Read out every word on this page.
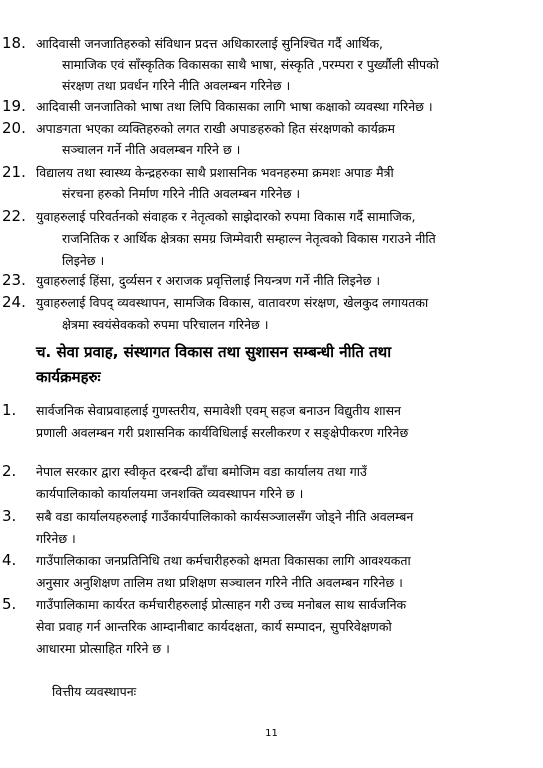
18. आदिवासी जनजातिहरुको संविधान प्रदत्त अधिकारलाई सुनिश्चित गर्दै आर्थिक,
सामाजिक एवं साँस्कृतिक विकासका साथै भाषा, संस्कृति ,परम्परा र पुर्ख्यौली सीपको
संरक्षण तथा प्रवर्धन गरिने नीति अवलम्बन गरिनेछ ।
19. आदिवासी जनजातिको भाषा तथा लिपि विकासका लागि भाषा कक्षाको व्यवस्था गरिनेछ ।
20. अपाङगता भएका व्यक्तिहरुको लगत राखी अपाङहरुको हित संरक्षणको कार्यक्रम
सञ्चालन गर्ने नीति अवलम्बन गरिने छ ।
21. विद्यालय तथा स्वास्थ्य केन्द्रहरुका साथै प्रशासनिक भवनहरुमा क्रमशः अपाङ मैत्री
संरचना हरुको निर्माण गरिने नीति अवलम्बन गरिनेछ ।
22. युवाहरुलाई परिवर्तनको संवाहक र नेतृत्वको साझेदारको रुपमा विकास गर्दै सामाजिक,
राजनितिक र आर्थिक क्षेत्रका समग्र जिम्मेवारी सम्हाल्न नेतृत्वको विकास गराउने नीति
लिइनेछ ।
23. युवाहरुलाई हिंसा, दुर्व्यसन र अराजक प्रवृत्तिलाई नियन्त्रण गर्ने नीति लिइनेछ ।
24. युवाहरुलाई विपद् व्यवस्थापन, सामजिक विकास, वातावरण संरक्षण, खेलकुद लगायतका
क्षेत्रमा स्वयंसेवकको रुपमा परिचालन गरिनेछ ।
च. सेवा प्रवाह, संस्थागत विकास तथा सुशासन सम्बन्धी नीति तथा
कार्यक्रमहरुः
1. सार्वजनिक सेवाप्रवाहलाई गुणस्तरीय, समावेशी एवम् सहज बनाउन विद्युतीय शासन
प्रणाली अवलम्बन गरी प्रशासनिक कार्यविधिलाई सरलीकरण र सङ्क्षेपीकरण गरिनेछ
2. नेपाल सरकार द्वारा स्वीकृत दरबन्दी ढाँचा बमोजिम वडा कार्यालय तथा गाउँ
कार्यपालिकाको कार्यालयमा जनशक्ति व्यवस्थापन गरिने छ ।
3. सबै वडा कार्यालयहरुलाई गाउँकार्यपालिकाको कार्यसञ्जालसँग जोड्ने नीति अवलम्बन
गरिनेछ ।
4. गाउँपालिकाका जनप्रतिनिधि तथा कर्मचारीहरुको क्षमता विकासका लागि आवश्यकता
अनुसार अनुशिक्षण तालिम तथा प्रशिक्षण सञ्चालन गरिने नीति अवलम्बन गरिनेछ ।
5. गाउँपालिकामा कार्यरत कर्मचारीहरुलाई प्रोत्साहन गरी उच्च मनोबल साथ सार्वजनिक
सेवा प्रवाह गर्न आन्तरिक आम्दानीबाट कार्यदक्षता, कार्य सम्पादन, सुपरिवेक्षणको
आधारमा प्रोत्साहित गरिने छ ।
वित्तीय व्यवस्थापनः
11
